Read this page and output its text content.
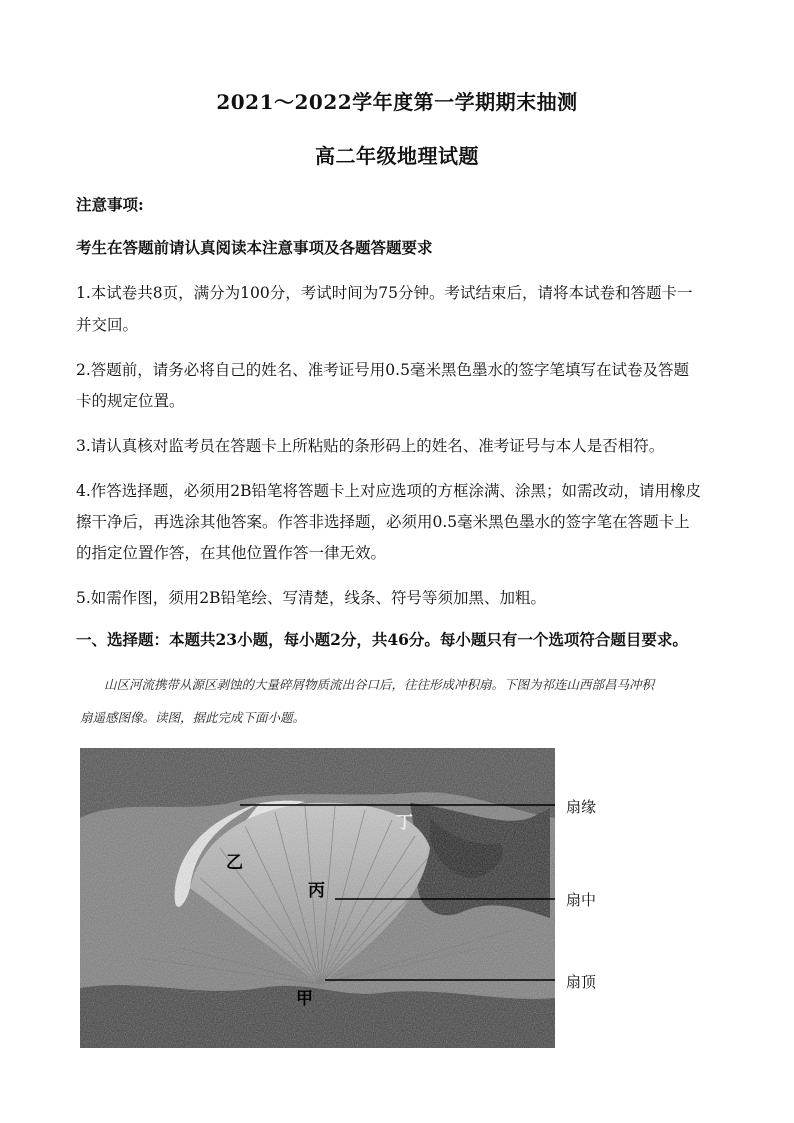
2021～2022学年度第一学期期末抽测
高二年级地理试题
注意事项:
考生在答题前请认真阅读本注意事项及各题答题要求
1.本试卷共8页，满分为100分，考试时间为75分钟。考试结束后，请将本试卷和答题卡一
并交回。
2.答题前，请务必将自己的姓名、准考证号用0.5毫米黑色墨水的签字笔填写在试卷及答题
卡的规定位置。
3.请认真核对监考员在答题卡上所粘贴的条形码上的姓名、准考证号与本人是否相符。
4.作答选择题，必须用2B铅笔将答题卡上对应选项的方框涂满、涂黑；如需改动，请用橡皮
擦干净后，再选涂其他答案。作答非选择题，必须用0.5毫米黑色墨水的签字笔在答题卡上
的指定位置作答，在其他位置作答一律无效。
5.如需作图，须用2B铅笔绘、写清楚，线条、符号等须加黑、加粗。
一、选择题：本题共23小题，每小题2分，共46分。每小题只有一个选项符合题目要求。
山区河流携带从源区剥蚀的大量碎屑物质流出谷口后，往往形成冲积扇。下图为祁连山西部昌马冲积
扇遥感图像。读图，据此完成下面小题。
丁
乙
丙
甲
扇缘
扇中
扇顶
